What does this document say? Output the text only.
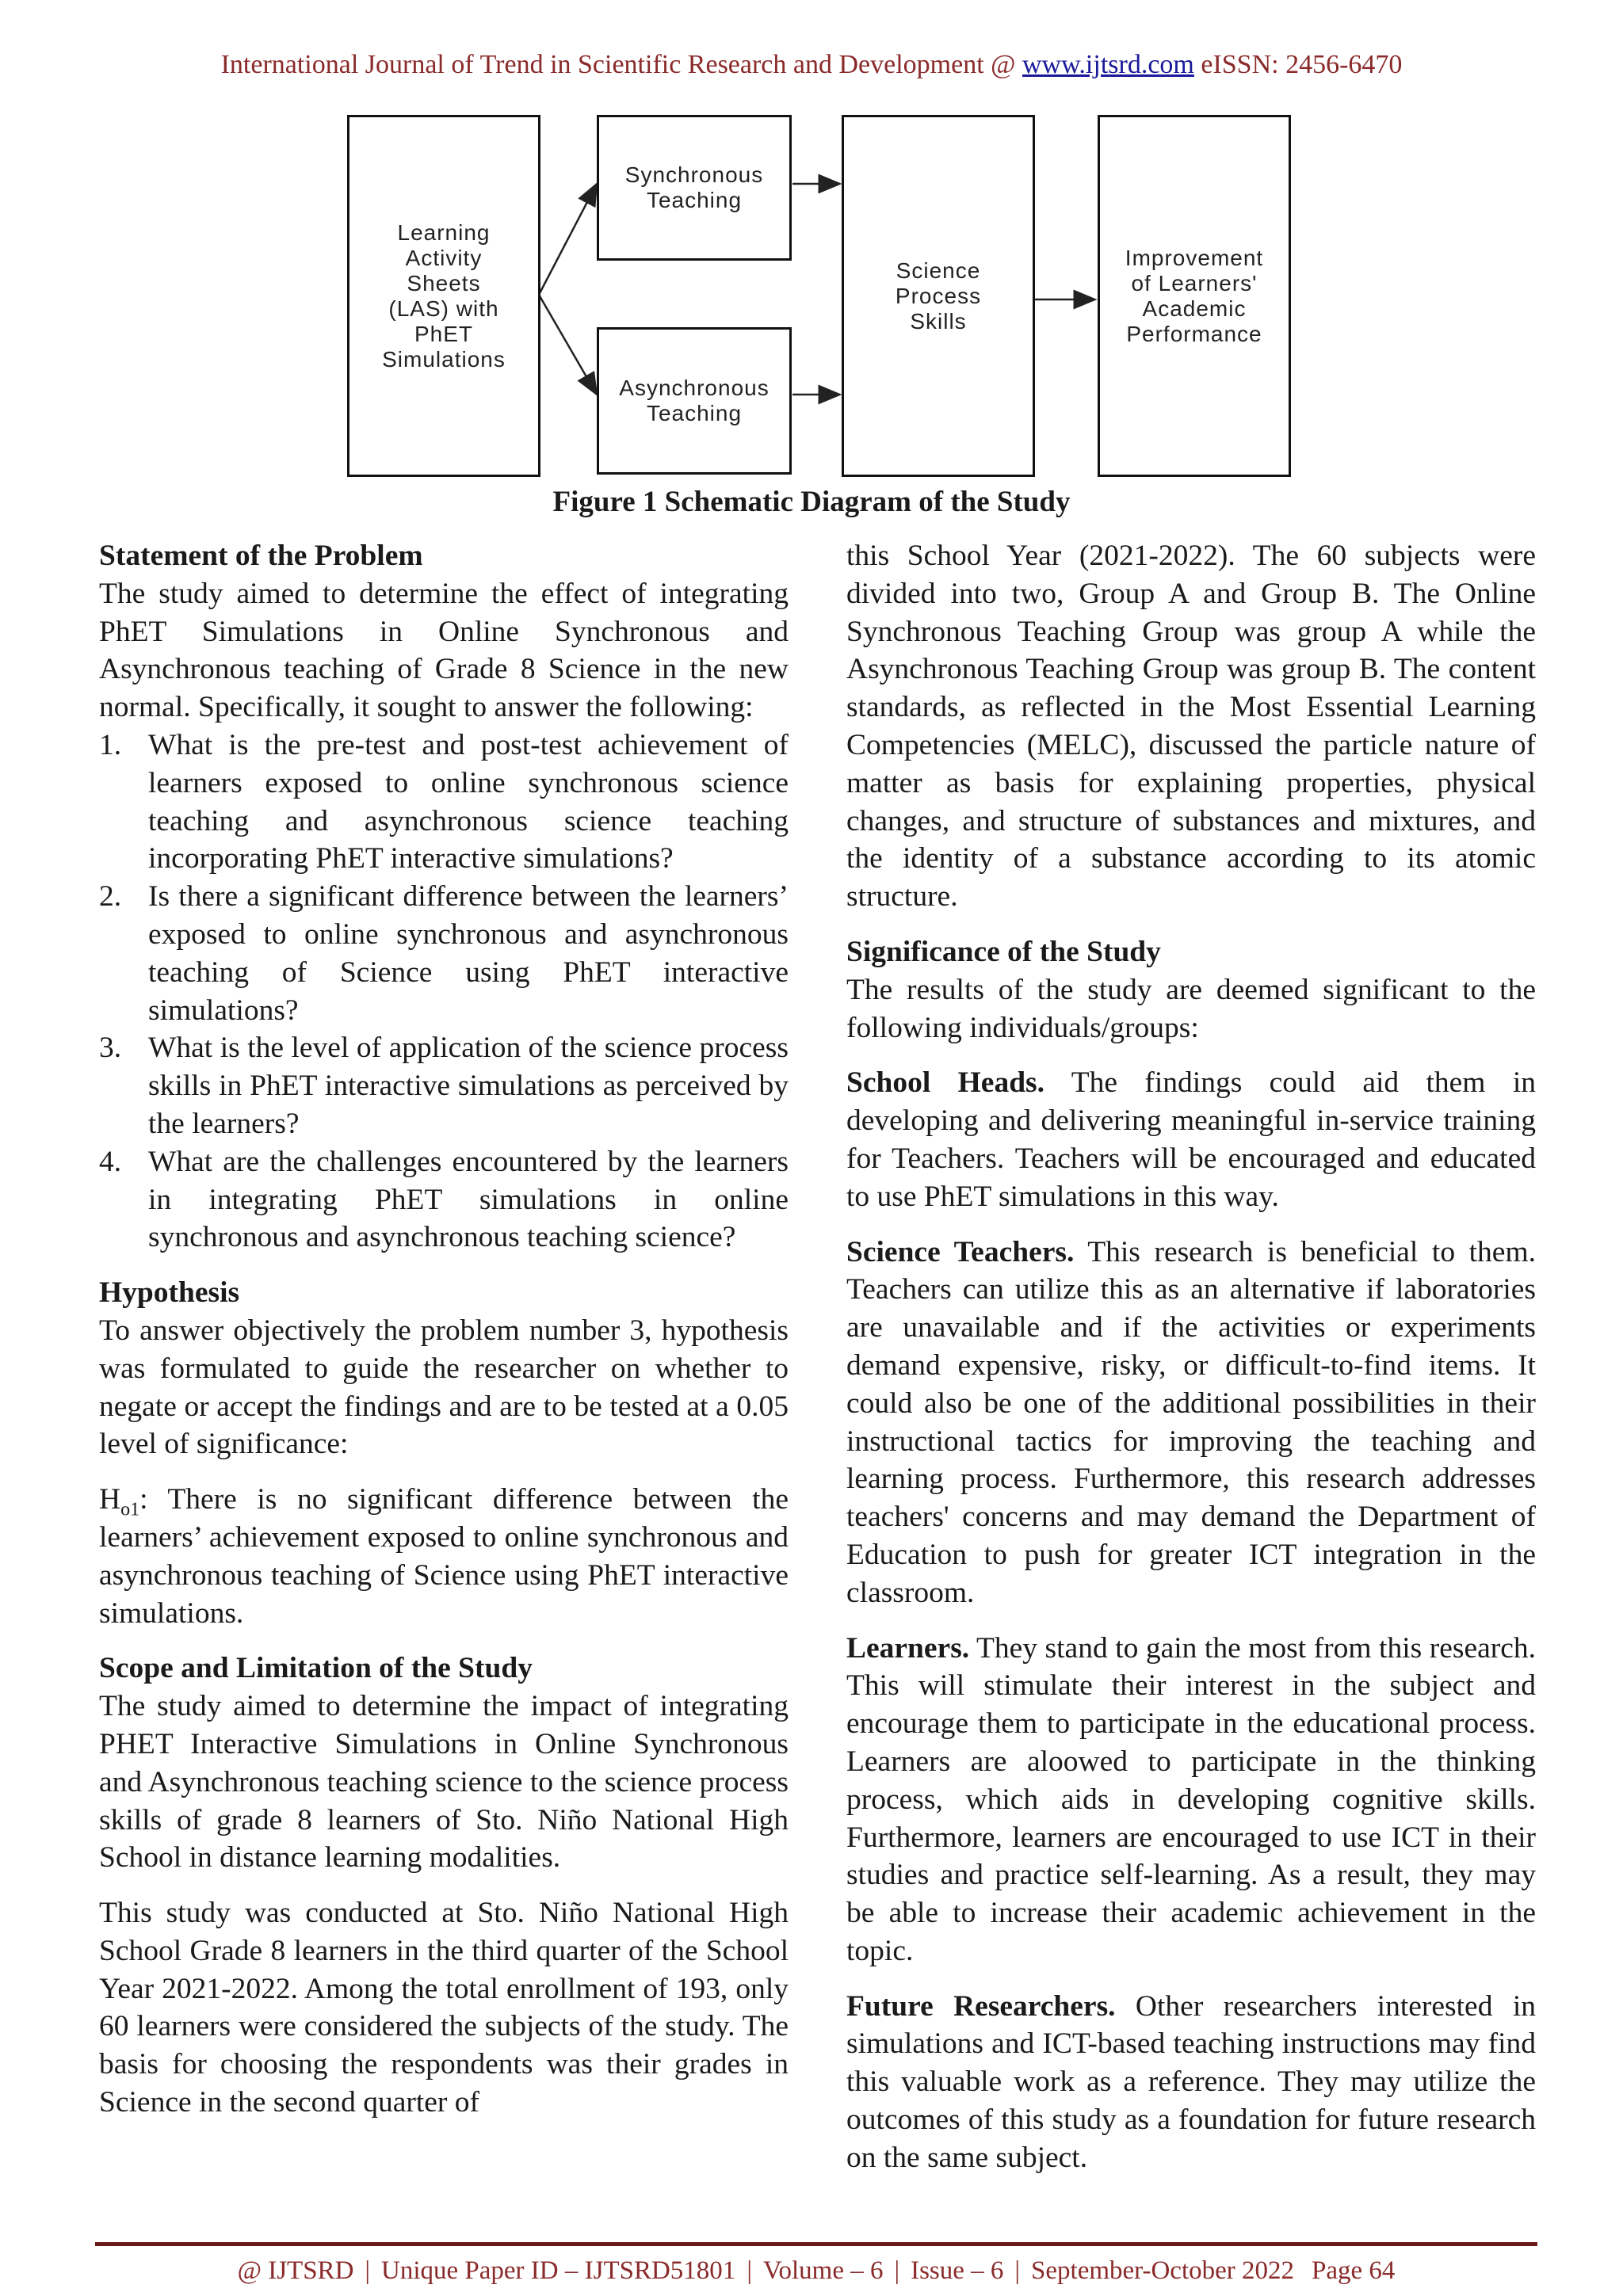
International Journal of Trend in Scientific Research and Development @ www.ijtsrd.com eISSN: 2456-6470
Learning
Activity
Sheets
(LAS) with
PhET
Simulations
Synchronous
Teaching
Asynchronous
Teaching
Science
Process
Skills
Improvement
of Learners'
Academic
Performance
Figure 1 Schematic Diagram of the Study
Statement of the Problem

The study aimed to determine the effect of integrating PhET Simulations in Online Synchronous and Asynchronous teaching of Grade 8 Science in the new normal. Specifically, it sought to answer the following:

1. What is the pre-test and post-test achievement of learners exposed to online synchronous science teaching and asynchronous science teaching incorporating PhET interactive simulations?
2. Is there a significant difference between the learners’ exposed to online synchronous and asynchronous teaching of Science using PhET interactive simulations?
3. What is the level of application of the science process skills in PhET interactive simulations as perceived by the learners?
4. What are the challenges encountered by the learners in integrating PhET simulations in online synchronous and asynchronous teaching science?
Hypothesis

To answer objectively the problem number 3, hypothesis was formulated to guide the researcher on whether to negate or accept the findings and are to be tested at a 0.05 level of significance:

$H_{o1}$: There is no significant difference between the learners’ achievement exposed to online synchronous and asynchronous teaching of Science using PhET interactive simulations.

Scope and Limitation of the Study

The study aimed to determine the impact of integrating PHET Interactive Simulations in Online Synchronous and Asynchronous teaching science to the science process skills of grade 8 learners of Sto. Niño National High School in distance learning modalities.

This study was conducted at Sto. Niño National High School Grade 8 learners in the third quarter of the School Year 2021-2022. Among the total enrollment of 193, only 60 learners were considered the subjects of the study. The basis for choosing the respondents was their grades in Science in the second quarter of

this School Year (2021-2022). The 60 subjects were divided into two, Group A and Group B. The Online Synchronous Teaching Group was group A while the Asynchronous Teaching Group was group B. The content standards, as reflected in the Most Essential Learning Competencies (MELC), discussed the particle nature of matter as basis for explaining properties, physical changes, and structure of substances and mixtures, and the identity of a substance according to its atomic structure.

Significance of the Study

The results of the study are deemed significant to the following individuals/groups:

School Heads. The findings could aid them in developing and delivering meaningful in-service training for Teachers. Teachers will be encouraged and educated to use PhET simulations in this way.

Science Teachers. This research is beneficial to them. Teachers can utilize this as an alternative if laboratories are unavailable and if the activities or experiments demand expensive, risky, or difficult-to-find items. It could also be one of the additional possibilities in their instructional tactics for improving the teaching and learning process. Furthermore, this research addresses teachers' concerns and may demand the Department of Education to push for greater ICT integration in the classroom.

Learners. They stand to gain the most from this research. This will stimulate their interest in the subject and encourage them to participate in the educational process. Learners are aloowed to participate in the thinking process, which aids in developing cognitive skills. Furthermore, learners are encouraged to use ICT in their studies and practice self-learning. As a result, they may be able to increase their academic achievement in the topic.

Future Researchers. Other researchers interested in simulations and ICT-based teaching instructions may find this valuable work as a reference. They may utilize the outcomes of this study as a foundation for future research on the same subject.

@ IJTSRD | Unique Paper ID – IJTSRD51801 | Volume – 6 | Issue – 6 | September-October 2022 Page 64
